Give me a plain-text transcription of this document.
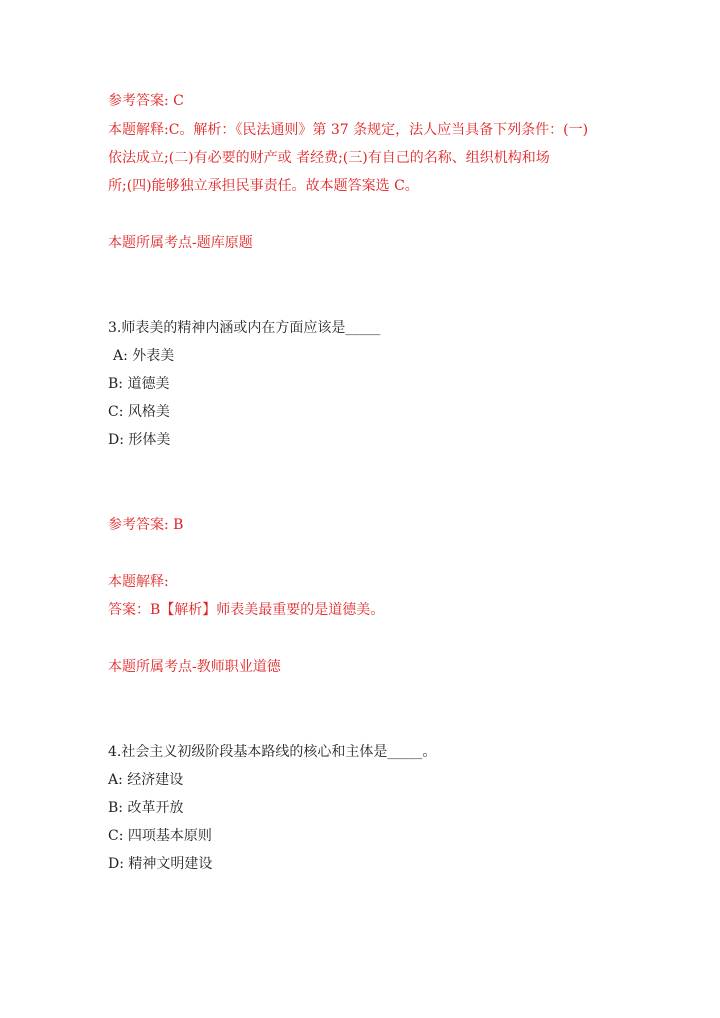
参考答案: C
本题解释:C。解析：《民法通则》第 37 条规定，法人应当具备下列条件：(一)
依法成立;(二)有必要的财产或 者经费;(三)有自己的名称、组织机构和场
所;(四)能够独立承担民事责任。故本题答案选 C。
本题所属考点-题库原题
3.师表美的精神内涵或内在方面应该是_____
A: 外表美
B: 道德美
C: 风格美
D: 形体美
参考答案: B
本题解释:
答案：B【解析】师表美最重要的是道德美。
本题所属考点-教师职业道德
4.社会主义初级阶段基本路线的核心和主体是_____。
A: 经济建设
B: 改革开放
C: 四项基本原则
D: 精神文明建设
